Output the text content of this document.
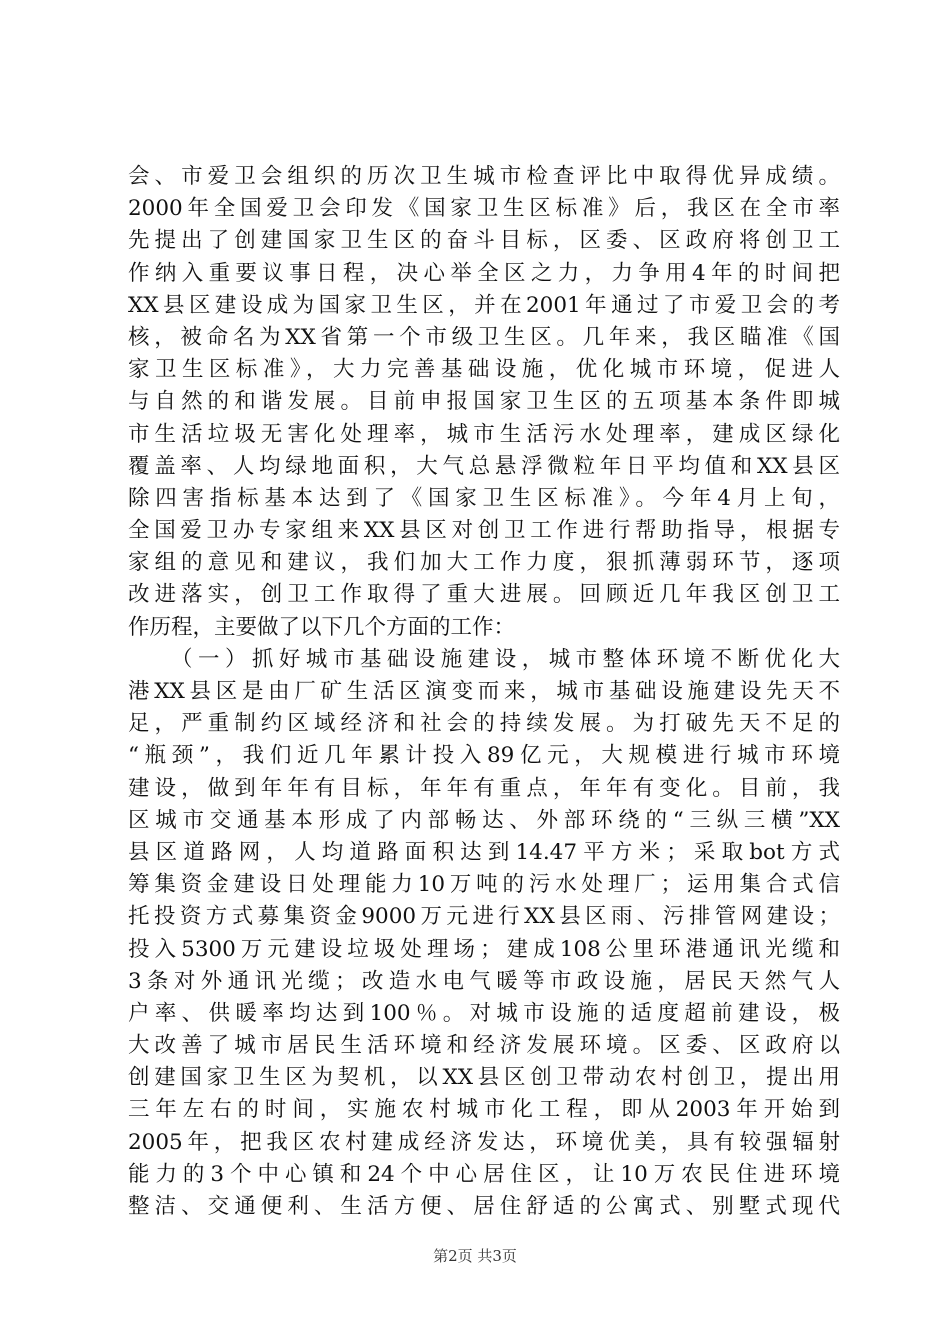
会、市爱卫会组织的历次卫生城市检查评比中取得优异成绩。
2000年全国爱卫会印发《国家卫生区标准》后，我区在全市率
先提出了创建国家卫生区的奋斗目标，区委、区政府将创卫工
作纳入重要议事日程，决心举全区之力，力争用4年的时间把
XX县区建设成为国家卫生区，并在2001年通过了市爱卫会的考
核，被命名为XX省第一个市级卫生区。几年来，我区瞄准《国
家卫生区标准》，大力完善基础设施，优化城市环境，促进人
与自然的和谐发展。目前申报国家卫生区的五项基本条件即城
市生活垃圾无害化处理率，城市生活污水处理率，建成区绿化
覆盖率、人均绿地面积，大气总悬浮微粒年日平均值和XX县区
除四害指标基本达到了《国家卫生区标准》。今年4月上旬，
全国爱卫办专家组来XX县区对创卫工作进行帮助指导，根据专
家组的意见和建议，我们加大工作力度，狠抓薄弱环节，逐项
改进落实，创卫工作取得了重大进展。回顾近几年我区创卫工
作历程，主要做了以下几个方面的工作：
（一）抓好城市基础设施建设，城市整体环境不断优化大
港XX县区是由厂矿生活区演变而来，城市基础设施建设先天不
足，严重制约区域经济和社会的持续发展。为打破先天不足的
“瓶颈”，我们近几年累计投入89亿元，大规模进行城市环境
建设，做到年年有目标，年年有重点，年年有变化。目前，我
区城市交通基本形成了内部畅达、外部环绕的“三纵三横”XX
县区道路网，人均道路面积达到14.47平方米；采取bot方式
筹集资金建设日处理能力10万吨的污水处理厂；运用集合式信
托投资方式募集资金9000万元进行XX县区雨、污排管网建设；
投入5300万元建设垃圾处理场；建成108公里环港通讯光缆和
3条对外通讯光缆；改造水电气暖等市政设施，居民天然气人
户率、供暖率均达到100％。对城市设施的适度超前建设，极
大改善了城市居民生活环境和经济发展环境。区委、区政府以
创建国家卫生区为契机，以XX县区创卫带动农村创卫，提出用
三年左右的时间，实施农村城市化工程，即从2003年开始到
2005年，把我区农村建成经济发达，环境优美，具有较强辐射
能力的3个中心镇和24个中心居住区，让10万农民住进环境
整洁、交通便利、生活方便、居住舒适的公寓式、别墅式现代
第2页 共3页
